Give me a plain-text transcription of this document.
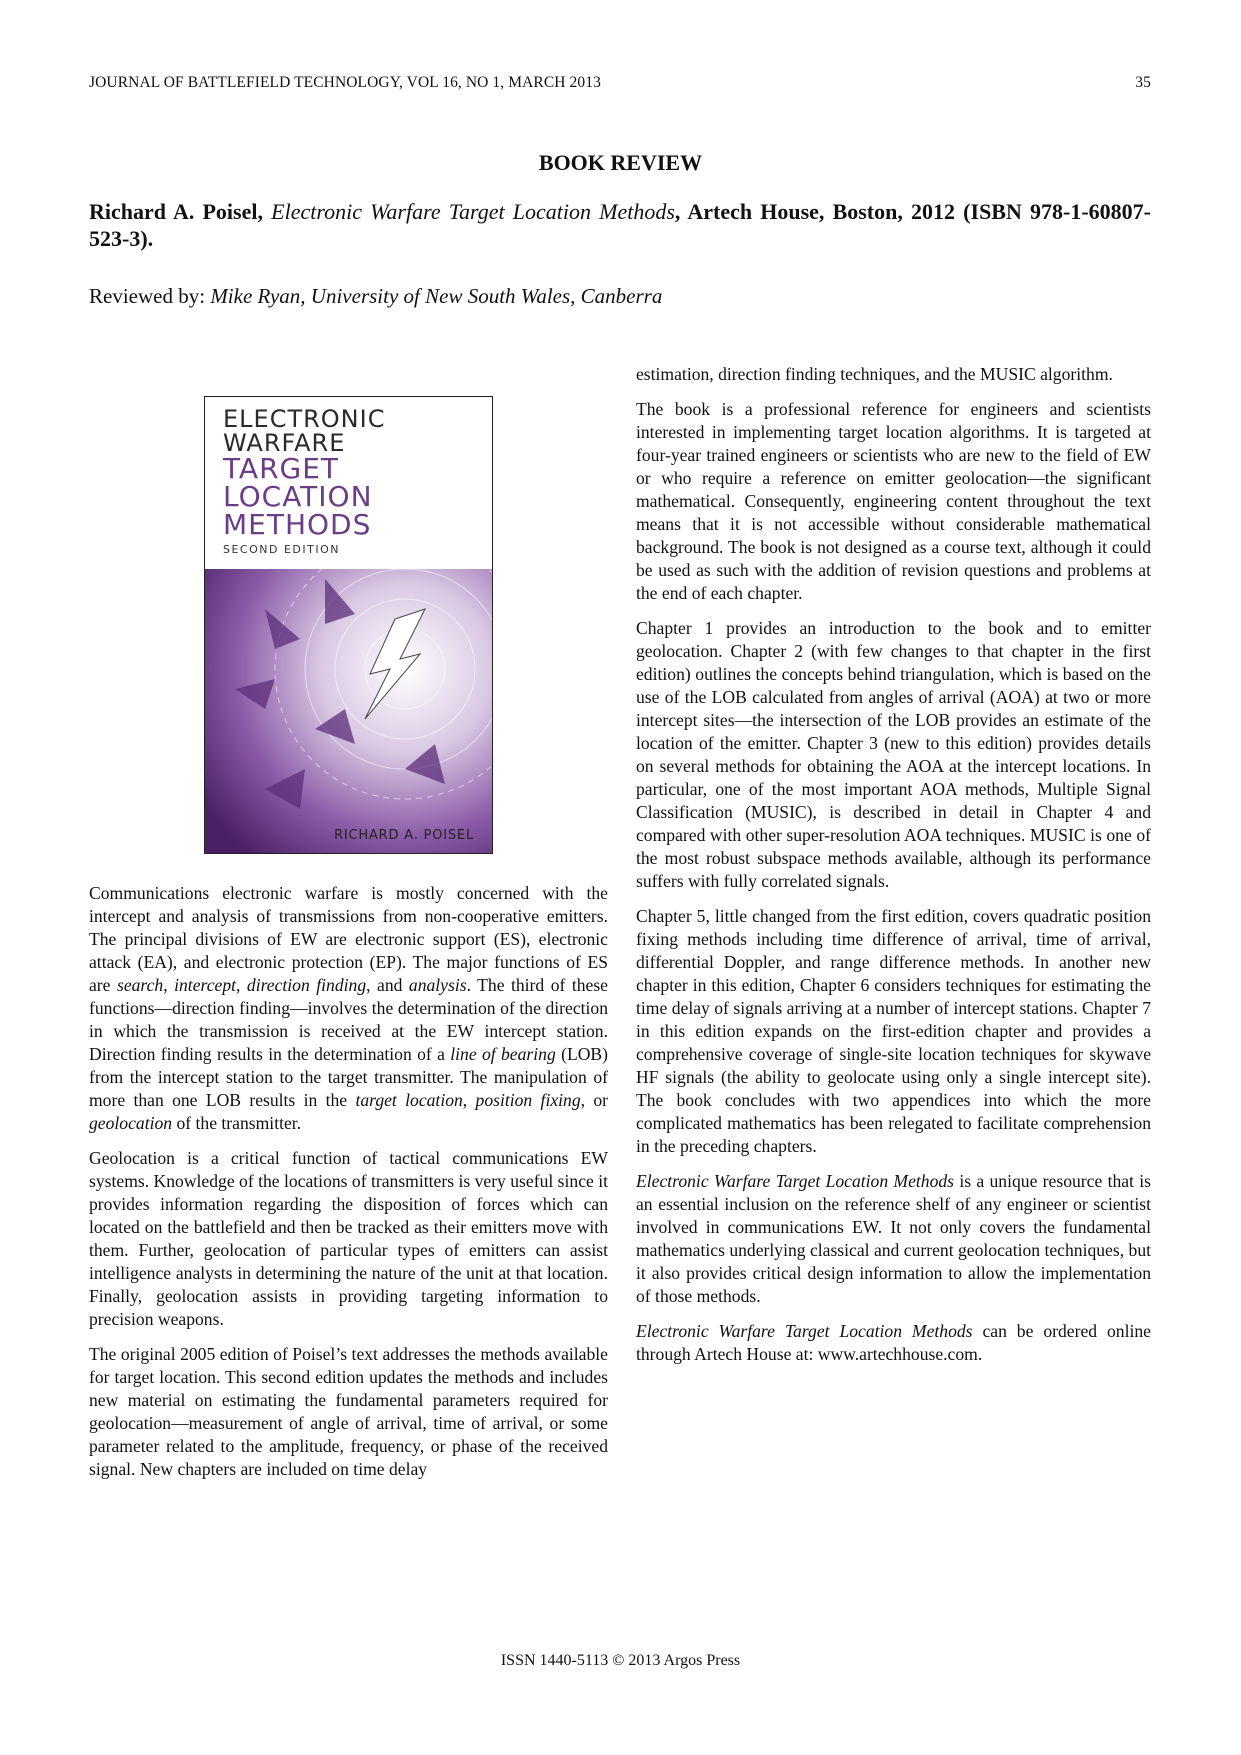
JOURNAL OF BATTLEFIELD TECHNOLOGY, VOL 16, NO 1, MARCH 2013	35
BOOK REVIEW
Richard A. Poisel, Electronic Warfare Target Location Methods, Artech House, Boston, 2012 (ISBN 978-1-60807-523-3).
Reviewed by: Mike Ryan, University of New South Wales, Canberra
ELECTRONIC
WARFARE
TARGET
LOCATION
METHODS
SECOND EDITION
RICHARD A. POISEL

Communications electronic warfare is mostly concerned with the intercept and analysis of transmissions from non-cooperative emitters. The principal divisions of EW are electronic support (ES), electronic attack (EA), and electronic protection (EP). The major functions of ES are search, intercept, direction finding, and analysis. The third of these functions—direction finding—involves the determination of the direction in which the transmission is received at the EW intercept station. Direction finding results in the determination of a line of bearing (LOB) from the intercept station to the target transmitter. The manipulation of more than one LOB results in the target location, position fixing, or geolocation of the transmitter.

Geolocation is a critical function of tactical communications EW systems. Knowledge of the locations of transmitters is very useful since it provides information regarding the disposition of forces which can located on the battlefield and then be tracked as their emitters move with them. Further, geolocation of particular types of emitters can assist intelligence analysts in determining the nature of the unit at that location. Finally, geolocation assists in providing targeting information to precision weapons.

The original 2005 edition of Poisel’s text addresses the methods available for target location. This second edition updates the methods and includes new material on estimating the fundamental parameters required for geolocation—measurement of angle of arrival, time of arrival, or some parameter related to the amplitude, frequency, or phase of the received signal. New chapters are included on time delay

estimation, direction finding techniques, and the MUSIC algorithm.

The book is a professional reference for engineers and scientists interested in implementing target location algorithms. It is targeted at four-year trained engineers or scientists who are new to the field of EW or who require a reference on emitter geolocation—the significant mathematical. Consequently, engineering content throughout the text means that it is not accessible without considerable mathematical background. The book is not designed as a course text, although it could be used as such with the addition of revision questions and problems at the end of each chapter.

Chapter 1 provides an introduction to the book and to emitter geolocation. Chapter 2 (with few changes to that chapter in the first edition) outlines the concepts behind triangulation, which is based on the use of the LOB calculated from angles of arrival (AOA) at two or more intercept sites—the intersection of the LOB provides an estimate of the location of the emitter. Chapter 3 (new to this edition) provides details on several methods for obtaining the AOA at the intercept locations. In particular, one of the most important AOA methods, Multiple Signal Classification (MUSIC), is described in detail in Chapter 4 and compared with other super-resolution AOA techniques. MUSIC is one of the most robust subspace methods available, although its performance suffers with fully correlated signals.

Chapter 5, little changed from the first edition, covers quadratic position fixing methods including time difference of arrival, time of arrival, differential Doppler, and range difference methods. In another new chapter in this edition, Chapter 6 considers techniques for estimating the time delay of signals arriving at a number of intercept stations. Chapter 7 in this edition expands on the first-edition chapter and provides a comprehensive coverage of single-site location techniques for skywave HF signals (the ability to geolocate using only a single intercept site). The book concludes with two appendices into which the more complicated mathematics has been relegated to facilitate comprehension in the preceding chapters.

Electronic Warfare Target Location Methods is a unique resource that is an essential inclusion on the reference shelf of any engineer or scientist involved in communications EW. It not only covers the fundamental mathematics underlying classical and current geolocation techniques, but it also provides critical design information to allow the implementation of those methods.

Electronic Warfare Target Location Methods can be ordered online through Artech House at: www.artechhouse.com.

ISSN 1440-5113 © 2013 Argos Press
